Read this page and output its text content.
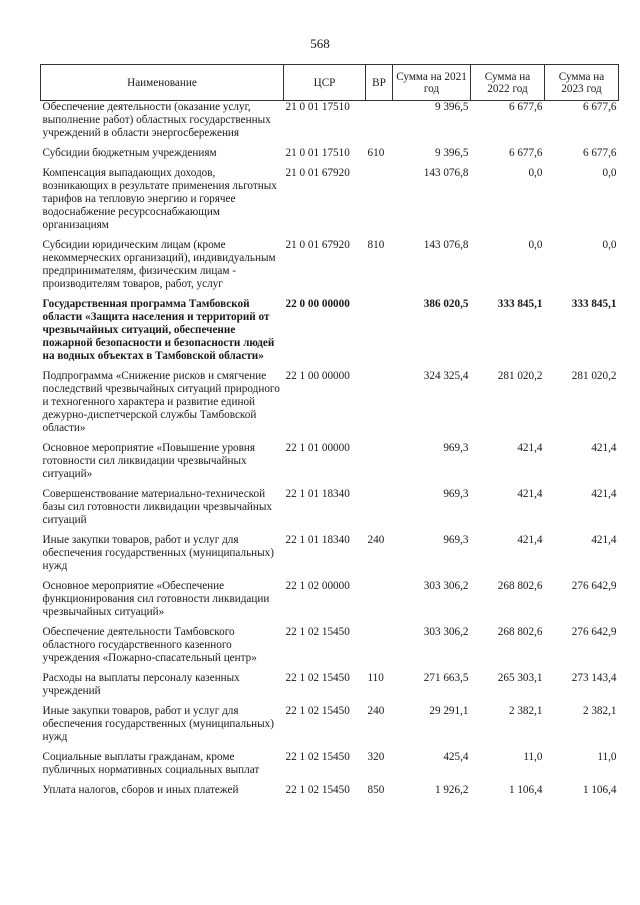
568
Наименование	ЦСР	ВР	Сумма на 2021 год	Сумма на 2022 год	Сумма на 2023 год
Обеспечение деятельности (оказание услуг, выполнение работ) областных государственных учреждений в области энергосбережения	21 0 01 17510		9 396,5	6 677,6	6 677,6
Субсидии бюджетным учреждениям	21 0 01 17510	610	9 396,5	6 677,6	6 677,6
Компенсация выпадающих доходов, возникающих в результате применения льготных тарифов на тепловую энергию и горячее водоснабжение ресурсоснабжающим организациям	21 0 01 67920		143 076,8	0,0	0,0
Субсидии юридическим лицам (кроме некоммерческих организаций), индивидуальным предпринимателям, физическим лицам - производителям товаров, работ, услуг	21 0 01 67920	810	143 076,8	0,0	0,0
Государственная программа Тамбовской области «Защита населения и территорий от чрезвычайных ситуаций, обеспечение пожарной безопасности и безопасности людей на водных объектах в Тамбовской области»	22 0 00 00000		386 020,5	333 845,1	333 845,1
Подпрограмма «Снижение рисков и смягчение последствий чрезвычайных ситуаций природного и техногенного характера и развитие единой дежурно-диспетчерской службы Тамбовской области»	22 1 00 00000		324 325,4	281 020,2	281 020,2
Основное мероприятие «Повышение уровня готовности сил ликвидации чрезвычайных ситуаций»	22 1 01 00000		969,3	421,4	421,4
Совершенствование материально-технической базы сил готовности ликвидации чрезвычайных ситуаций	22 1 01 18340		969,3	421,4	421,4
Иные закупки товаров, работ и услуг для обеспечения государственных (муниципальных) нужд	22 1 01 18340	240	969,3	421,4	421,4
Основное мероприятие «Обеспечение функционирования сил готовности ликвидации чрезвычайных ситуаций»	22 1 02 00000		303 306,2	268 802,6	276 642,9
Обеспечение деятельности Тамбовского областного государственного казенного учреждения «Пожарно-спасательный центр»	22 1 02 15450		303 306,2	268 802,6	276 642,9
Расходы на выплаты персоналу казенных учреждений	22 1 02 15450	110	271 663,5	265 303,1	273 143,4
Иные закупки товаров, работ и услуг для обеспечения государственных (муниципальных) нужд	22 1 02 15450	240	29 291,1	2 382,1	2 382,1
Социальные выплаты гражданам, кроме публичных нормативных социальных выплат	22 1 02 15450	320	425,4	11,0	11,0
Уплата налогов, сборов и иных платежей	22 1 02 15450	850	1 926,2	1 106,4	1 106,4
